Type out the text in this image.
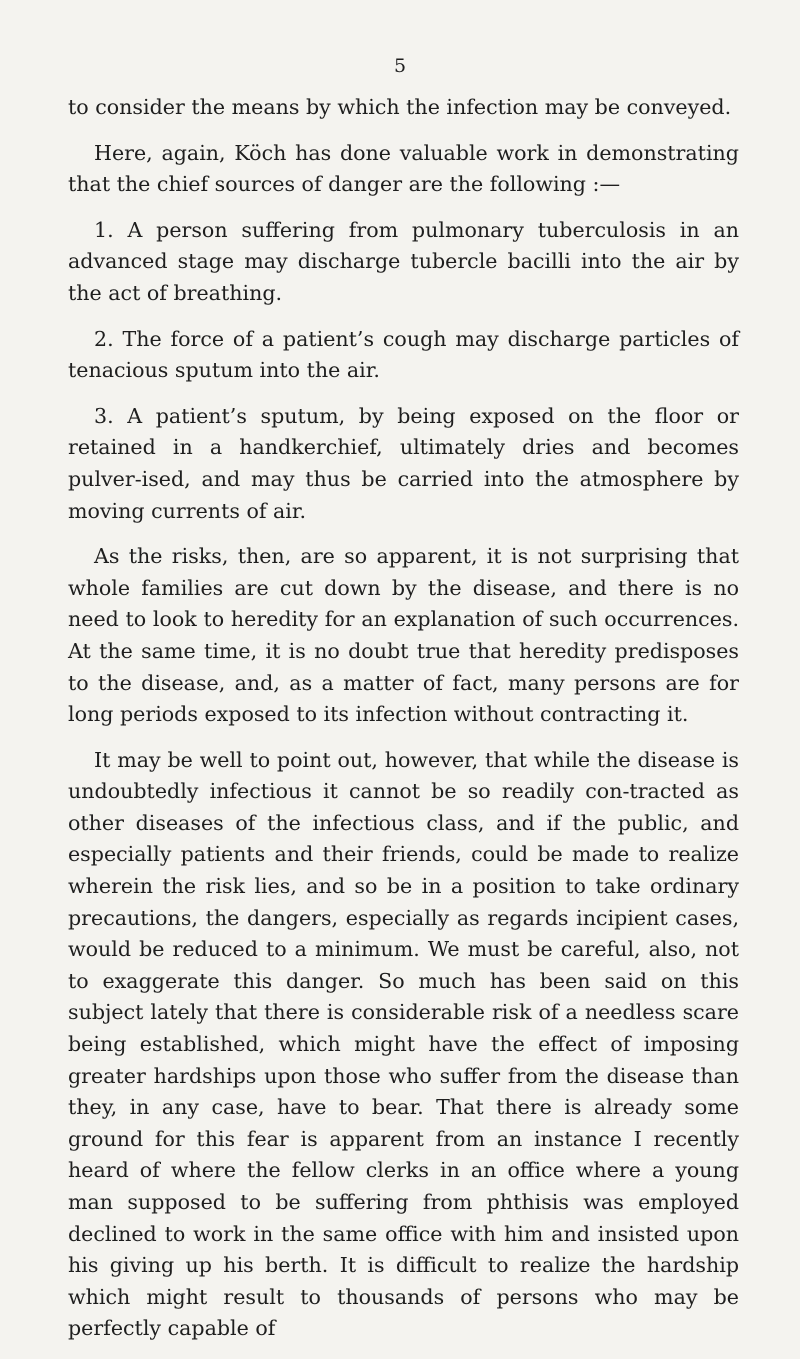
5

to consider the means by which the infection may be conveyed.

Here, again, Köch has done valuable work in demonstrating that the chief sources of danger are the following :—

1. A person suffering from pulmonary tuberculosis in an advanced stage may discharge tubercle bacilli into the air by the act of breathing.

2. The force of a patient’s cough may discharge particles of tenacious sputum into the air.

3. A patient’s sputum, by being exposed on the floor or retained in a handkerchief, ultimately dries and becomes pulver-ised, and may thus be carried into the atmosphere by moving currents of air.

As the risks, then, are so apparent, it is not surprising that whole families are cut down by the disease, and there is no need to look to heredity for an explanation of such occurrences. At the same time, it is no doubt true that heredity predisposes to the disease, and, as a matter of fact, many persons are for long periods exposed to its infection without contracting it.

It may be well to point out, however, that while the disease is undoubtedly infectious it cannot be so readily con-tracted as other diseases of the infectious class, and if the public, and especially patients and their friends, could be made to realize wherein the risk lies, and so be in a position to take ordinary precautions, the dangers, especially as regards incipient cases, would be reduced to a minimum. We must be careful, also, not to exaggerate this danger. So much has been said on this subject lately that there is considerable risk of a needless scare being established, which might have the effect of imposing greater hardships upon those who suffer from the disease than they, in any case, have to bear. That there is already some ground for this fear is apparent from an instance I recently heard of where the fellow clerks in an office where a young man supposed to be suffering from phthisis was employed declined to work in the same office with him and insisted upon his giving up his berth. It is difficult to realize the hardship which might result to thousands of persons who may be perfectly capable of
